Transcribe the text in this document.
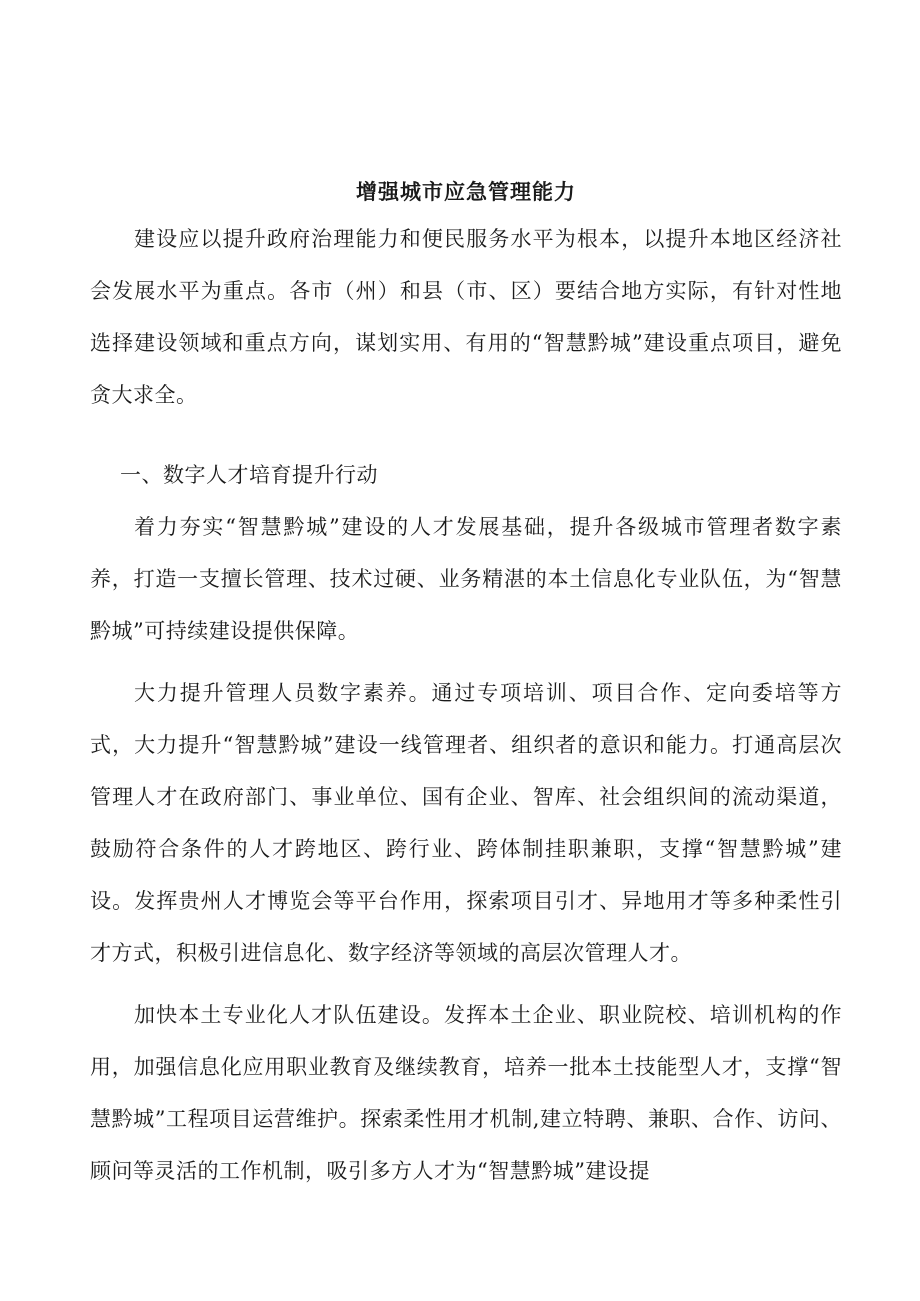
增强城市应急管理能力

建设应以提升政府治理能力和便民服务水平为根本，以提升本地区经济社会发展水平为重点。各市（州）和县（市、区）要结合地方实际，有针对性地选择建设领域和重点方向，谋划实用、有用的“智慧黔城”建设重点项目，避免贪大求全。

一、数字人才培育提升行动

着力夯实“智慧黔城”建设的人才发展基础，提升各级城市管理者数字素养，打造一支擅长管理、技术过硬、业务精湛的本土信息化专业队伍，为“智慧黔城”可持续建设提供保障。

大力提升管理人员数字素养。通过专项培训、项目合作、定向委培等方式，大力提升“智慧黔城”建设一线管理者、组织者的意识和能力。打通高层次管理人才在政府部门、事业单位、国有企业、智库、社会组织间的流动渠道，鼓励符合条件的人才跨地区、跨行业、跨体制挂职兼职，支撑“智慧黔城”建设。发挥贵州人才博览会等平台作用，探索项目引才、异地用才等多种柔性引才方式，积极引进信息化、数字经济等领域的高层次管理人才。

加快本土专业化人才队伍建设。发挥本土企业、职业院校、培训机构的作用，加强信息化应用职业教育及继续教育，培养一批本土技能型人才，支撑“智慧黔城”工程项目运营维护。探索柔性用才机制,建立特聘、兼职、合作、访问、顾问等灵活的工作机制，吸引多方人才为“智慧黔城”建设提
